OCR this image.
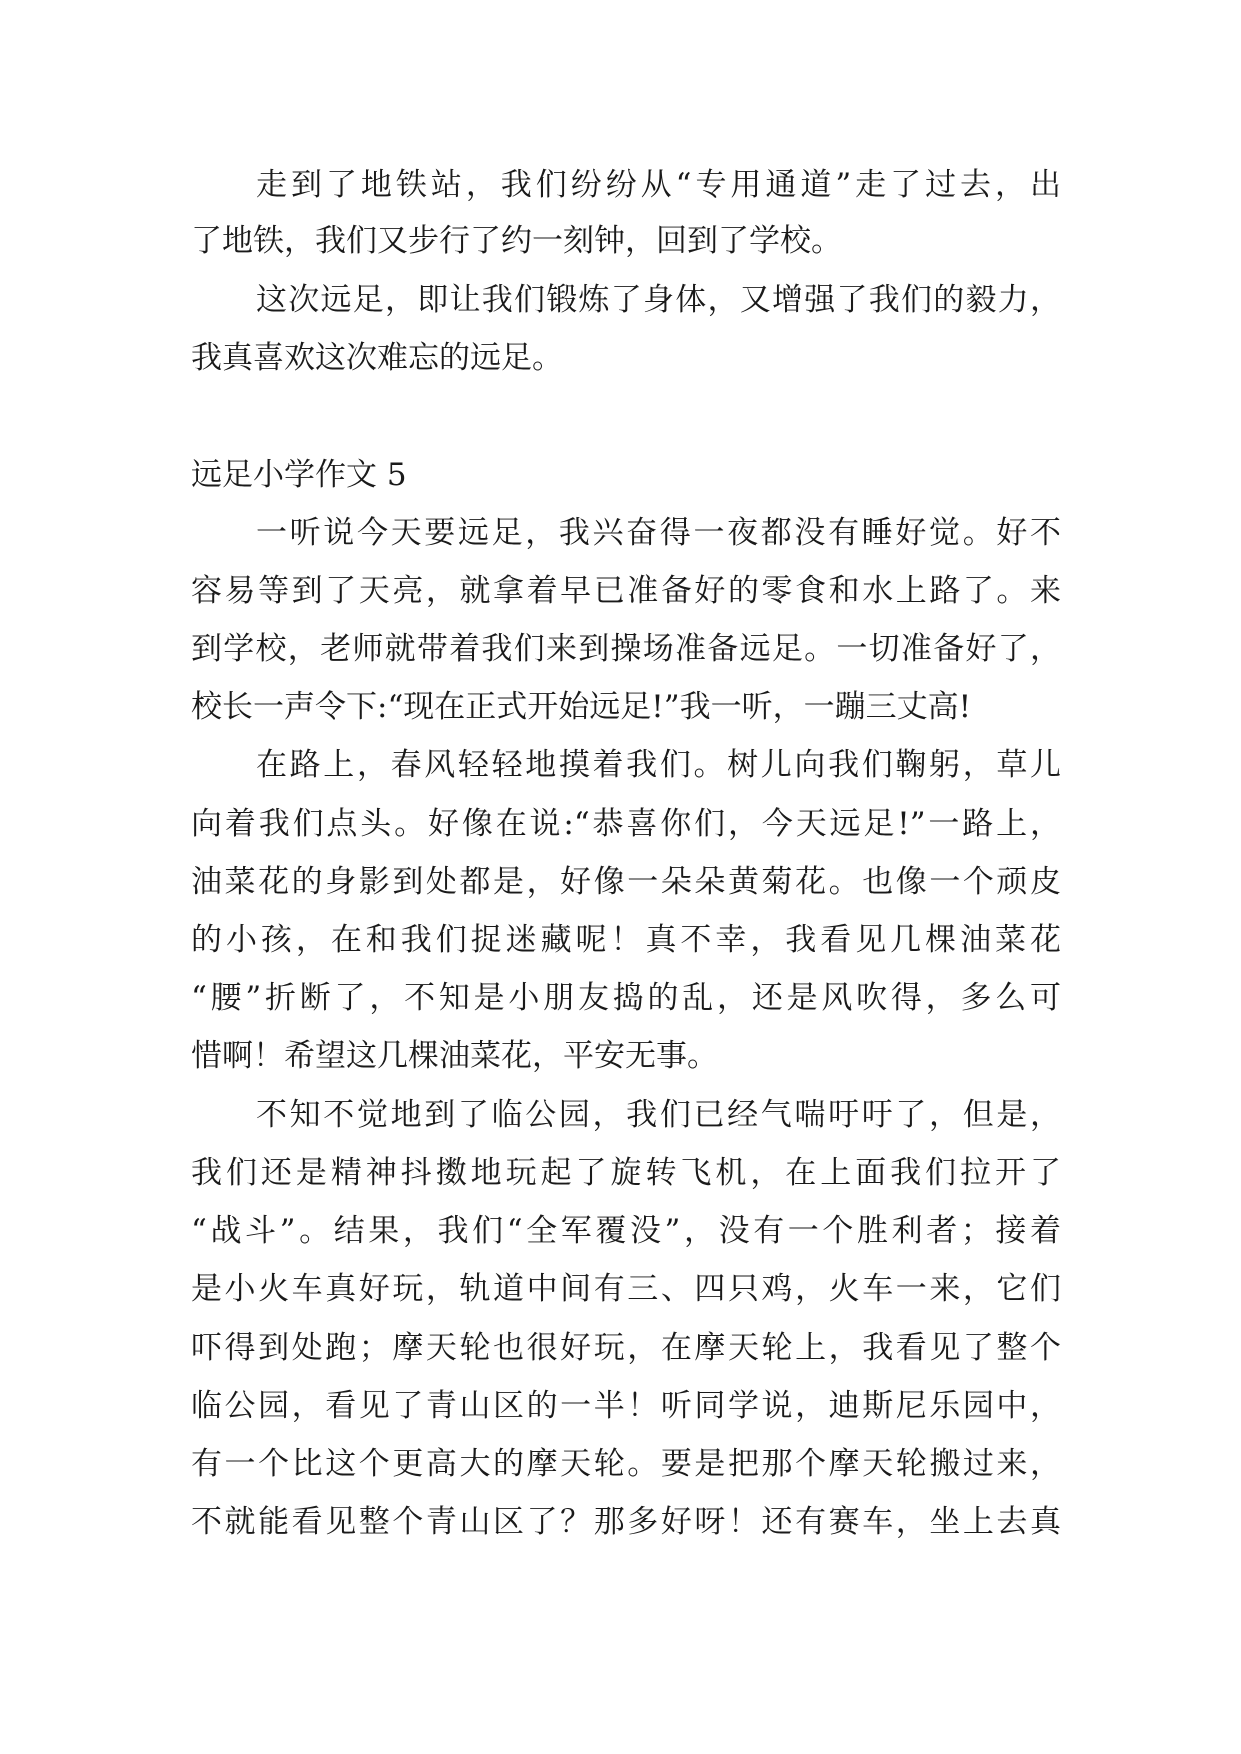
走到了地铁站，我们纷纷从“专用通道”走了过去，出
了地铁，我们又步行了约一刻钟，回到了学校。
这次远足，即让我们锻炼了身体，又增强了我们的毅力，
我真喜欢这次难忘的远足。
远足小学作文 5
一听说今天要远足，我兴奋得一夜都没有睡好觉。好不
容易等到了天亮，就拿着早已准备好的零食和水上路了。来
到学校，老师就带着我们来到操场准备远足。一切准备好了，
校长一声令下:“现在正式开始远足!”我一听，一蹦三丈高!
在路上，春风轻轻地摸着我们。树儿向我们鞠躬，草儿
向着我们点头。好像在说:“恭喜你们，今天远足!”一路上，
油菜花的身影到处都是，好像一朵朵黄菊花。也像一个顽皮
的小孩，在和我们捉迷藏呢！真不幸，我看见几棵油菜花
“腰”折断了，不知是小朋友捣的乱，还是风吹得，多么可
惜啊！希望这几棵油菜花，平安无事。
不知不觉地到了临公园，我们已经气喘吁吁了，但是，
我们还是精神抖擞地玩起了旋转飞机，在上面我们拉开了
“战斗”。结果，我们“全军覆没”，没有一个胜利者；接着
是小火车真好玩，轨道中间有三、四只鸡，火车一来，它们
吓得到处跑；摩天轮也很好玩，在摩天轮上，我看见了整个
临公园，看见了青山区的一半！听同学说，迪斯尼乐园中，
有一个比这个更高大的摩天轮。要是把那个摩天轮搬过来，
不就能看见整个青山区了？那多好呀！还有赛车，坐上去真
